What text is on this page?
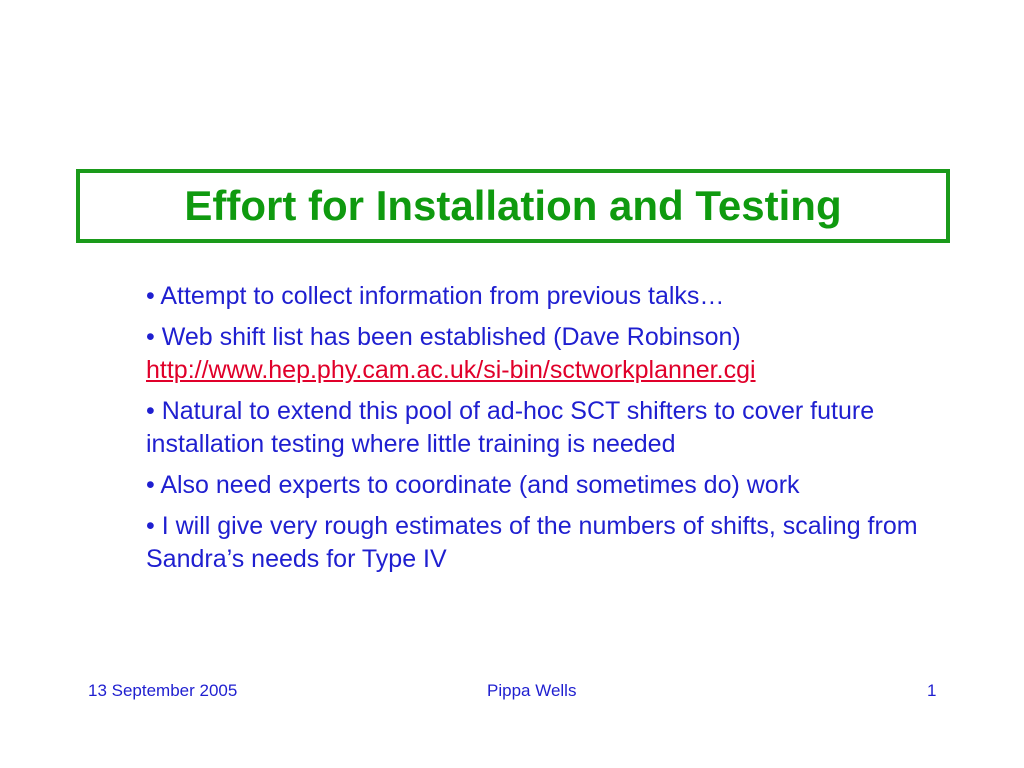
Effort for Installation and Testing
• Attempt to collect information from previous talks…
• Web shift list has been established (Dave Robinson)
http://www.hep.phy.cam.ac.uk/si-bin/sctworkplanner.cgi
• Natural to extend this pool of ad-hoc SCT shifters to cover future installation testing where little training is needed
• Also need experts to coordinate (and sometimes do) work
• I will give very rough estimates of the numbers of shifts, scaling from Sandra’s needs for Type IV
13 September 2005	Pippa Wells	1
